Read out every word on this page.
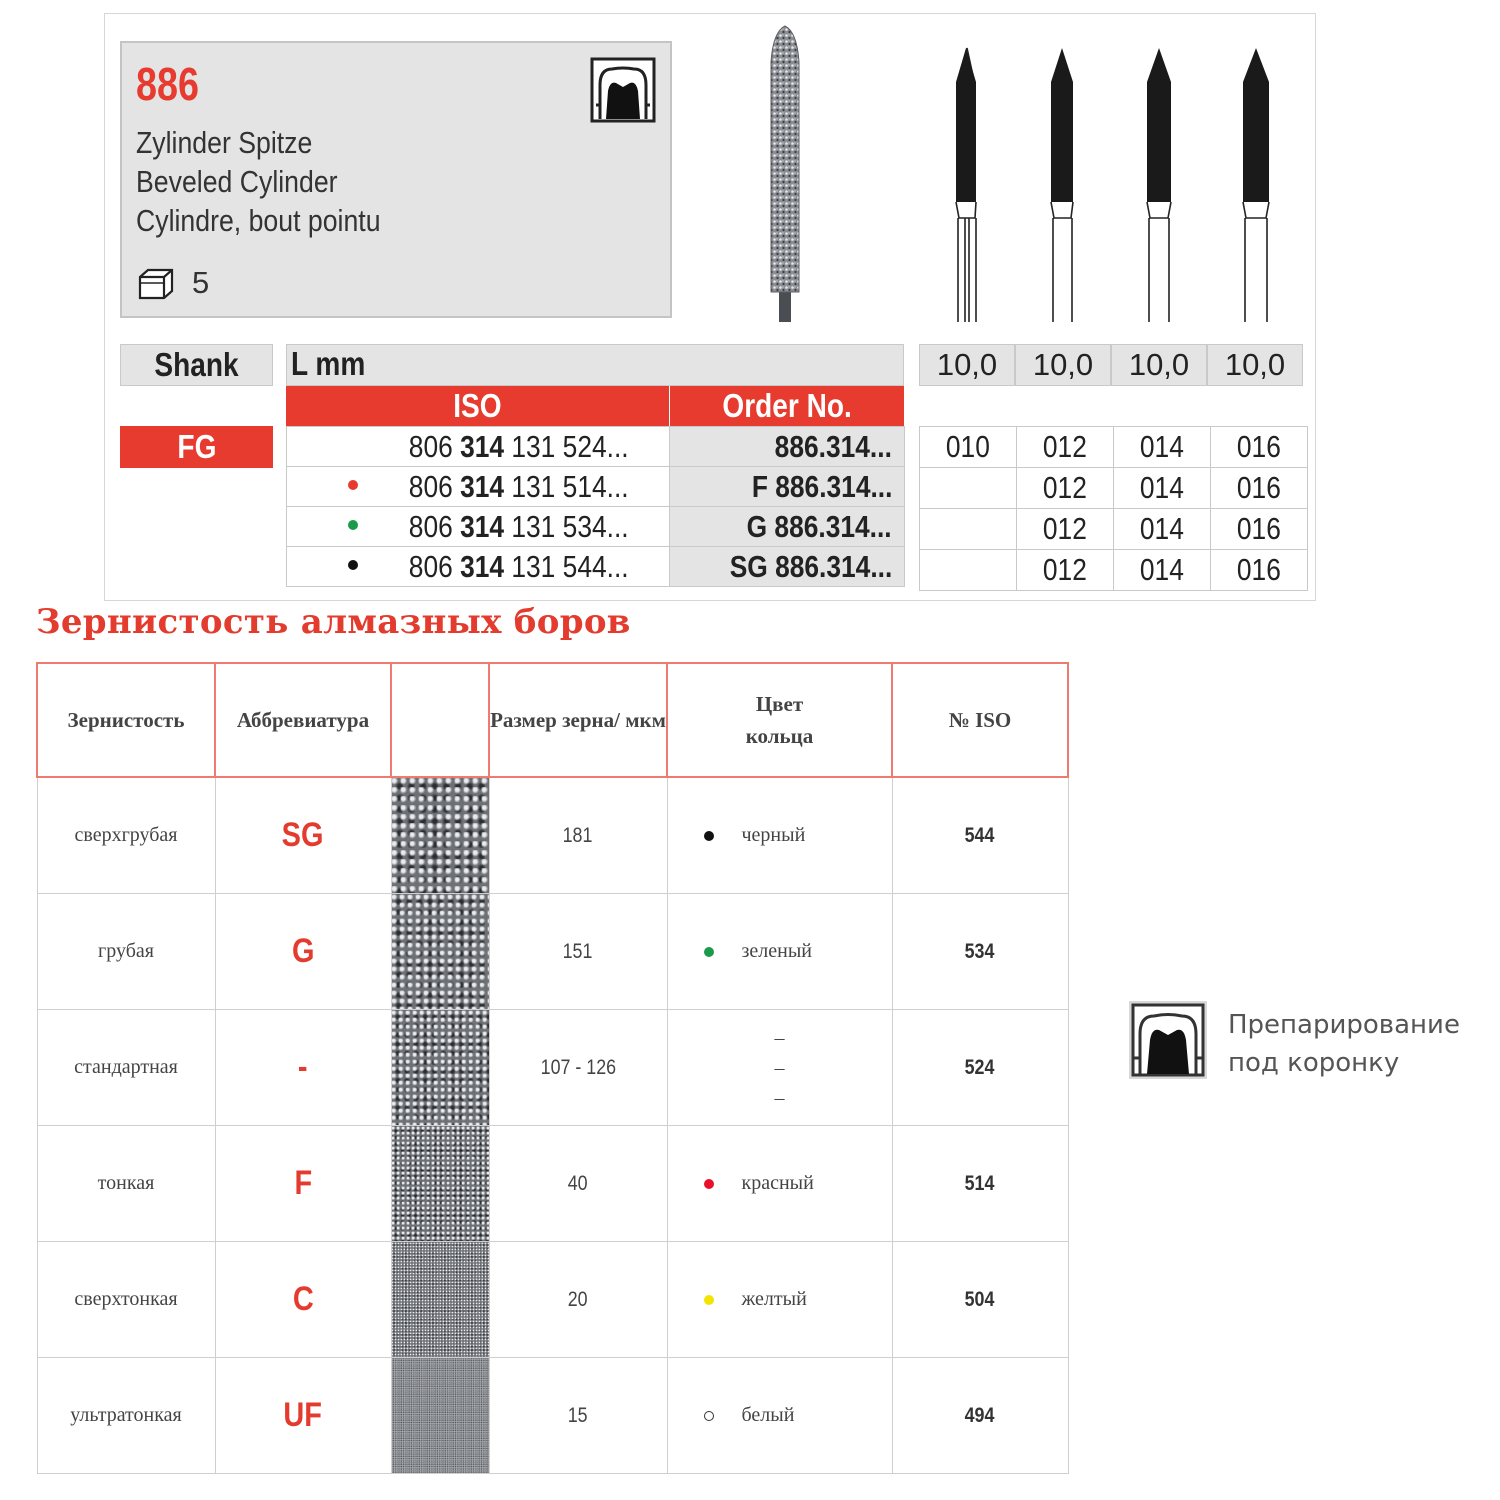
886
Zylinder Spitze
Beveled Cylinder
Cylindre, bout pointu
5
Shank L mm	10,0	10,0	10,0	10,0
ISO	Order No.
FG	806 314 131 524...	886.314...
806 314 131 514...	F 886.314...
806 314 131 534...	G 886.314...
806 314 131 544...	SG 886.314...
010	012	014	016
	012	014	016
	012	014	016
	012	014	016
Зернистость алмазных боров
Зернистость	Аббревиатура		Размер зерна/ мкм	Цвет кольца	№ ISO
сверхгрубая	SG		181	черный	544
грубая	G		151	зеленый	534
стандартная	-		107 - 126	–
–
–	524
тонкая	F		40	красный	514
сверхтонкая	C		20	желтый	504
ультратонкая	UF		15	белый	494
Препарирование
под коронку
